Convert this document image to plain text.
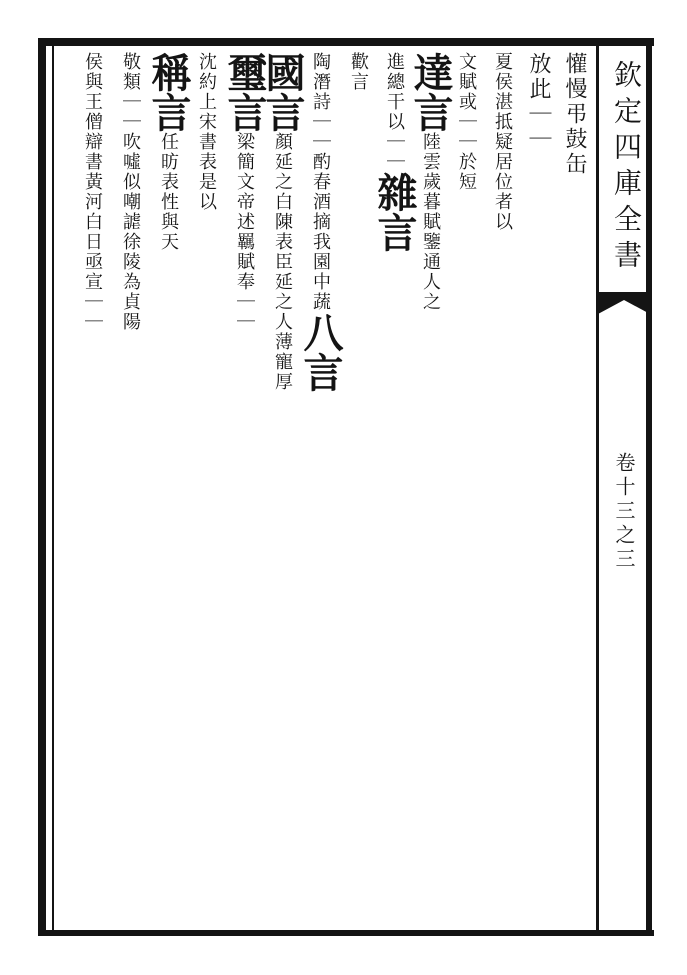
欽定四庫全書
卷十三之三
懽慢弔鼓缶
放此｜｜
夏侯湛抵疑居位者以
文賦或｜｜於短
達言
陸雲歲暮賦鑒通人之
進總干以｜｜
雜言
歡言
陶潛詩｜｜酌春酒摘我園中蔬
八言
國言
顏延之白陳表臣延之人薄寵厚
璽言
梁簡文帝述羈賦奉｜｜
沈約上宋書表是以
稱言
任昉表性與天
敬類｜｜吹噓似嘲謔徐陵為貞陽
侯與王僧辯書黃河白日亟宣｜｜
